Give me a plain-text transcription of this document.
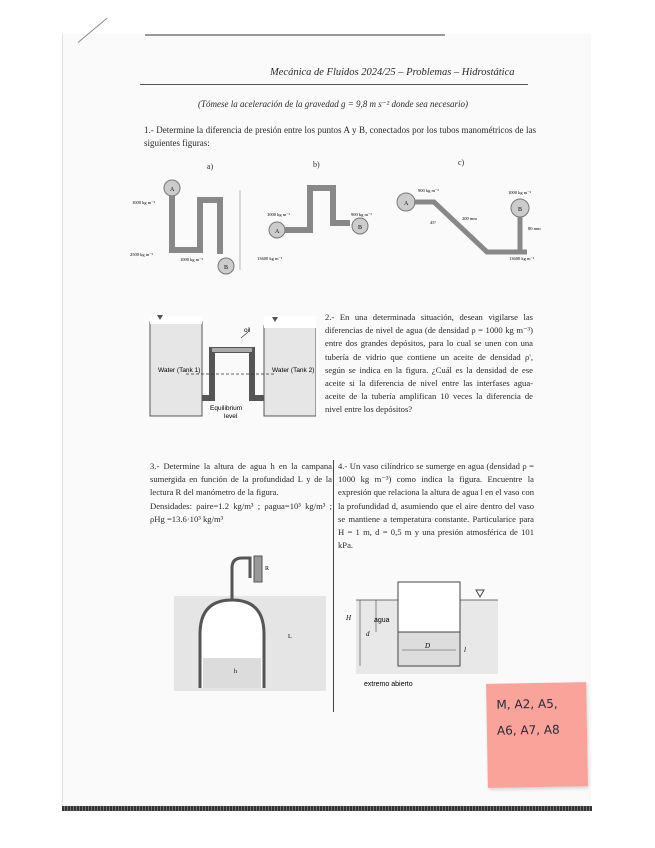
Mecánica de Fluidos 2024/25 – Problemas – Hidrostática
(Tómese la aceleración de la gravedad g = 9,8 m s⁻² donde sea necesario)
1.- Determine la diferencia de presión entre los puntos A y B, conectados por los tubos manométricos de las siguientes figuras:
a)	b)	c)
A
B
1000 kg m⁻³
2500 kg m⁻³
1000 kg m⁻³
A
B
1000 kg m⁻³	900 kg m⁻³
13600 kg m⁻³
A
B
900 kg m⁻³	1000 kg m⁻³
13600 kg m⁻³
200 mm
80 mm
45°
oil
Water (Tank 1)	Water (Tank 2)
Equilibrium
level
2.- En una determinada situación, desean vigilarse las diferencias de nivel de agua (de densidad ρ = 1000 kg m⁻³) entre dos grandes depósitos, para lo cual se unen con una tubería de vidrio que contiene un aceite de densidad ρ', según se indica en la figura. ¿Cuál es la densidad de ese aceite si la diferencia de nivel entre las interfases agua-aceite de la tubería amplifican 10 veces la diferencia de nivel entre los depósitos?
3.- Determine la altura de agua h en la campana sumergida en función de la profundidad L y de la lectura R del manómetro de la figura.
Densidades: ρaire=1.2 kg/m³ ; ρagua=10³ kg/m³ ; ρHg =13.6·10³ kg/m³
R
L
h
4.- Un vaso cilíndrico se sumerge en agua (densidad ρ = 1000 kg m⁻³) como indica la figura. Encuentre la expresión que relaciona la altura de agua l en el vaso con la profundidad d, asumiendo que el aire dentro del vaso se mantiene a temperatura constante. Particularice para H = 1 m, d = 0,5 m y una presión atmosférica de 101 kPa.
H
d
agua
D	l
extremo abierto
M, A2, A5,
A6, A7, A8
